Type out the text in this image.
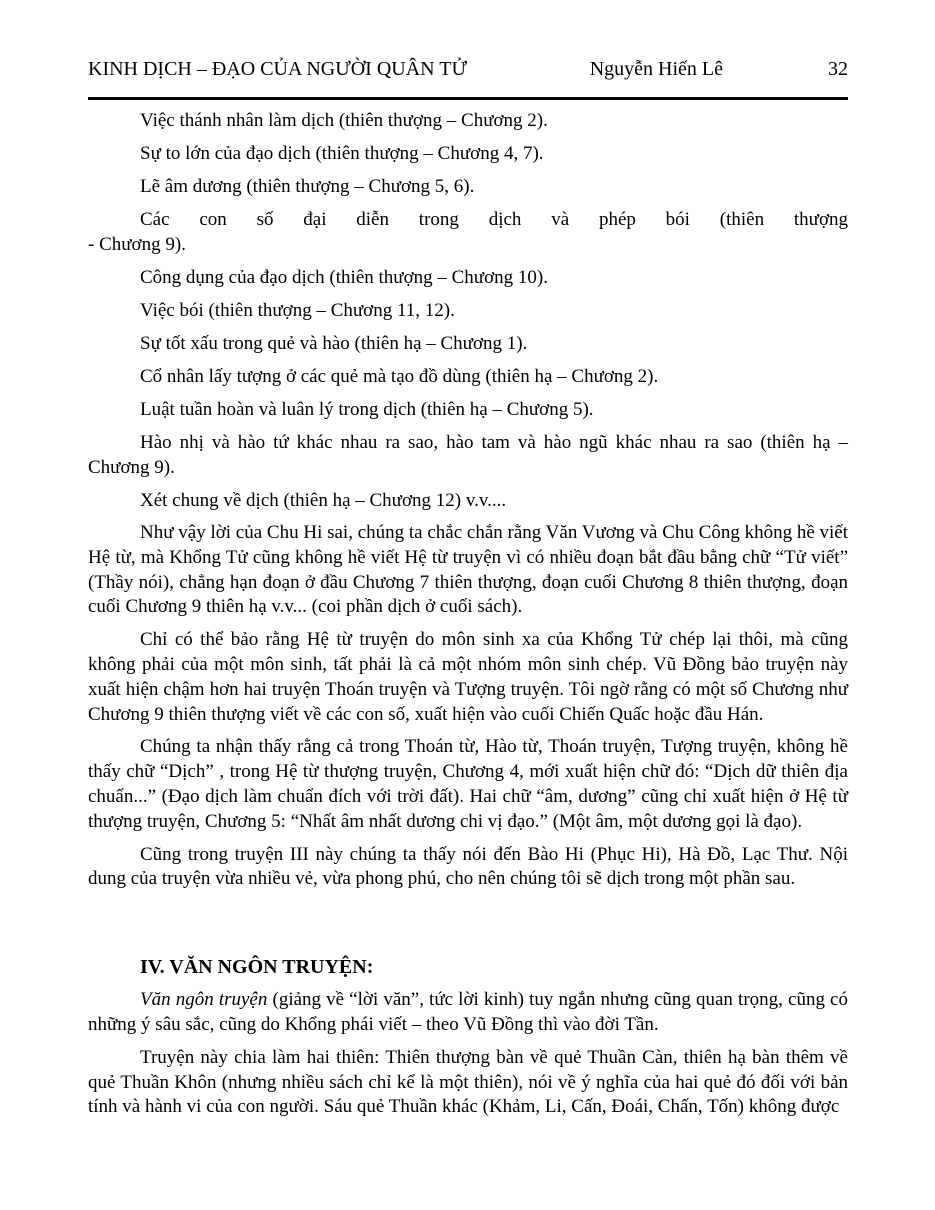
KINH DỊCH – ĐẠO CỦA NGƯỜI QUÂN TỬ	Nguyễn Hiến Lê	32

Việc thánh nhân làm dịch (thiên thượng – Chương 2).

Sự to lớn của đạo dịch (thiên thượng – Chương 4, 7).

Lẽ âm dương (thiên thượng – Chương 5, 6).

Các con số đại diễn trong dịch và phép bói (thiên thượng
- Chương 9).

Công dụng của đạo dịch (thiên thượng – Chương 10).

Việc bói (thiên thượng – Chương 11, 12).

Sự tốt xấu trong quẻ và hào (thiên hạ – Chương 1).

Cổ nhân lấy tượng ở các quẻ mà tạo đồ dùng (thiên hạ – Chương 2).

Luật tuần hoàn và luân lý trong dịch (thiên hạ – Chương 5).

Hào nhị và hào tứ khác nhau ra sao, hào tam và hào ngũ khác nhau ra sao (thiên hạ –
Chương 9).

Xét chung về dịch (thiên hạ – Chương 12) v.v....

Như vậy lời của Chu Hi sai, chúng ta chắc chắn rằng Văn Vương và Chu Công không hề viết Hệ từ, mà Khổng Tử cũng không hề viết Hệ từ truyện vì có nhiều đoạn bắt đầu bằng chữ “Tử viết” (Thầy nói), chẳng hạn đoạn ở đầu Chương 7 thiên thượng, đoạn cuối Chương 8 thiên thượng, đoạn cuối Chương 9 thiên hạ v.v... (coi phần dịch ở cuối sách).

Chỉ có thể bảo rằng Hệ từ truyện do môn sinh xa của Khổng Tử chép lại thôi, mà cũng không phải của một môn sinh, tất phải là cả một nhóm môn sinh chép. Vũ Đồng bảo truyện này xuất hiện chậm hơn hai truyện Thoán truyện và Tượng truyện. Tôi ngờ rằng có một số Chương như Chương 9 thiên thượng viết về các con số, xuất hiện vào cuối Chiến Quấc hoặc đầu Hán.

Chúng ta nhận thấy rằng cả trong Thoán từ, Hào từ, Thoán truyện, Tượng truyện, không hề thấy chữ “Dịch” , trong Hệ từ thượng truyện, Chương 4, mới xuất hiện chữ đó: “Dịch dữ thiên địa chuẩn...” (Đạo dịch làm chuẩn đích với trời đất). Hai chữ “âm, dương” cũng chỉ xuất hiện ở Hệ từ thượng truyện, Chương 5: “Nhất âm nhất dương chi vị đạo.” (Một âm, một dương gọi là đạo).

Cũng trong truyện III này chúng ta thấy nói đến Bào Hi (Phục Hi), Hà Đồ, Lạc Thư. Nội dung của truyện vừa nhiều vẻ, vừa phong phú, cho nên chúng tôi sẽ dịch trong một phần sau.

IV. VĂN NGÔN TRUYỆN:

Văn ngôn truyện (giảng về “lời văn”, tức lời kinh) tuy ngắn nhưng cũng quan trọng, cũng có những ý sâu sắc, cũng do Khổng phái viết – theo Vũ Đồng thì vào đời Tần.

Truyện này chia làm hai thiên: Thiên thượng bàn về quẻ Thuần Càn, thiên hạ bàn thêm về quẻ Thuần Khôn (nhưng nhiều sách chỉ kể là một thiên), nói về ý nghĩa của hai quẻ đó đối với bản tính và hành vi của con người. Sáu quẻ Thuần khác (Khảm, Li, Cấn, Đoái, Chấn, Tốn) không được
